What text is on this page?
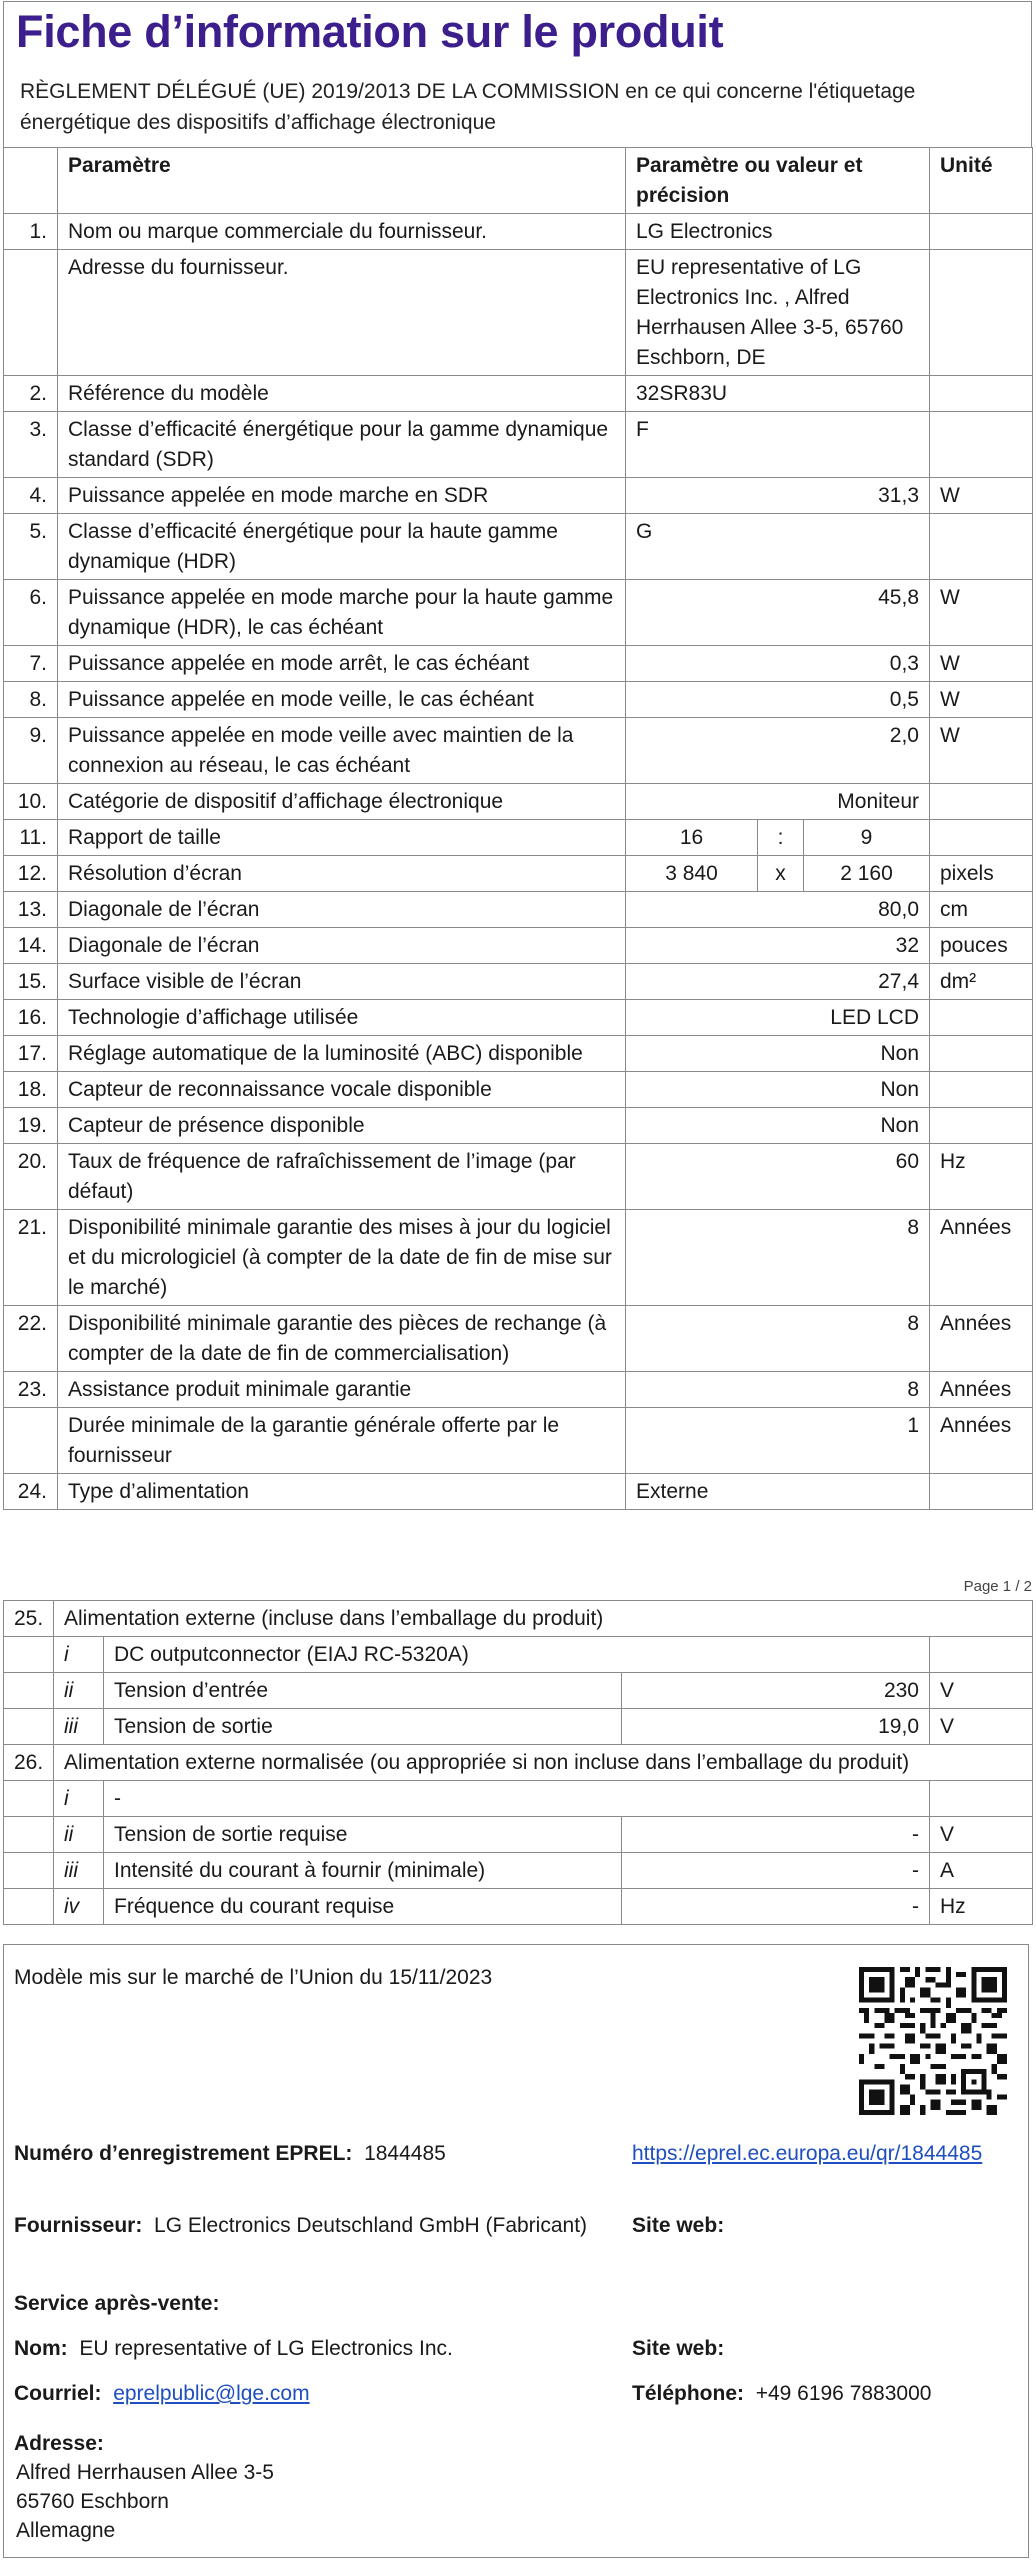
Fiche d’information sur le produit
RÈGLEMENT DÉLÉGUÉ (UE) 2019/2013 DE LA COMMISSION en ce qui concerne l'étiquetage énergétique des dispositifs d’affichage électronique
	Paramètre	Paramètre ou valeur et précision			Unité
1.	Nom ou marque commerciale du fournisseur.	LG Electronics			
	Adresse du fournisseur.	EU representative of LG Electronics Inc. , Alfred Herrhausen Allee 3-5, 65760 Eschborn, DE			
2.	Référence du modèle	32SR83U			
3.	Classe d’efficacité énergétique pour la gamme dynamique standard (SDR)	F			
4.	Puissance appelée en mode marche en SDR	31,3			W
5.	Classe d’efficacité énergétique pour la haute gamme dynamique (HDR)	G			
6.	Puissance appelée en mode marche pour la haute gamme dynamique (HDR), le cas échéant	45,8			W
7.	Puissance appelée en mode arrêt, le cas échéant	0,3			W
8.	Puissance appelée en mode veille, le cas échéant	0,5			W
9.	Puissance appelée en mode veille avec maintien de la connexion au réseau, le cas échéant	2,0			W
10.	Catégorie de dispositif d’affichage électronique	Moniteur			
11.	Rapport de taille	16	:	9	
12.	Résolution d’écran	3 840	x	2 160	pixels
13.	Diagonale de l’écran	80,0			cm
14.	Diagonale de l’écran	32			pouces
15.	Surface visible de l’écran	27,4			dm²
16.	Technologie d’affichage utilisée	LED LCD			
17.	Réglage automatique de la luminosité (ABC) disponible	Non			
18.	Capteur de reconnaissance vocale disponible	Non			
19.	Capteur de présence disponible	Non			
20.	Taux de fréquence de rafraîchissement de l’image (par défaut)	60			Hz
21.	Disponibilité minimale garantie des mises à jour du logiciel et du micrologiciel (à compter de la date de fin de mise sur le marché)	8			Années
22.	Disponibilité minimale garantie des pièces de rechange (à compter de la date de fin de commercialisation)	8			Années
23.	Assistance produit minimale garantie	8			Années
	Durée minimale de la garantie générale offerte par le fournisseur	1			Années
24.	Type d’alimentation	Externe			
Page 1 / 2
25.	Alimentation externe (incluse dans l’emballage du produit)			
	i	DC outputconnector (EIAJ RC-5320A)		
	ii	Tension d’entrée	230	V
	iii	Tension de sortie	19,0	V
26.	Alimentation externe normalisée (ou appropriée si non incluse dans l’emballage du produit)			
	i	-		
	ii	Tension de sortie requise	-	V
	iii	Intensité du courant à fournir (minimale)	-	A
	iv	Fréquence du courant requise	-	Hz
Modèle mis sur le marché de l’Union du 15/11/2023
Numéro d’enregistrement EPREL: 1844485	https://eprel.ec.europa.eu/qr/1844485
Fournisseur: LG Electronics Deutschland GmbH (Fabricant)	Site web:
Service après-vente:
Nom: EU representative of LG Electronics Inc.	Site web:
Courriel: eprelpublic@lge.com	Téléphone: +49 6196 7883000
Adresse:
Alfred Herrhausen Allee 3-5
65760 Eschborn
Allemagne
